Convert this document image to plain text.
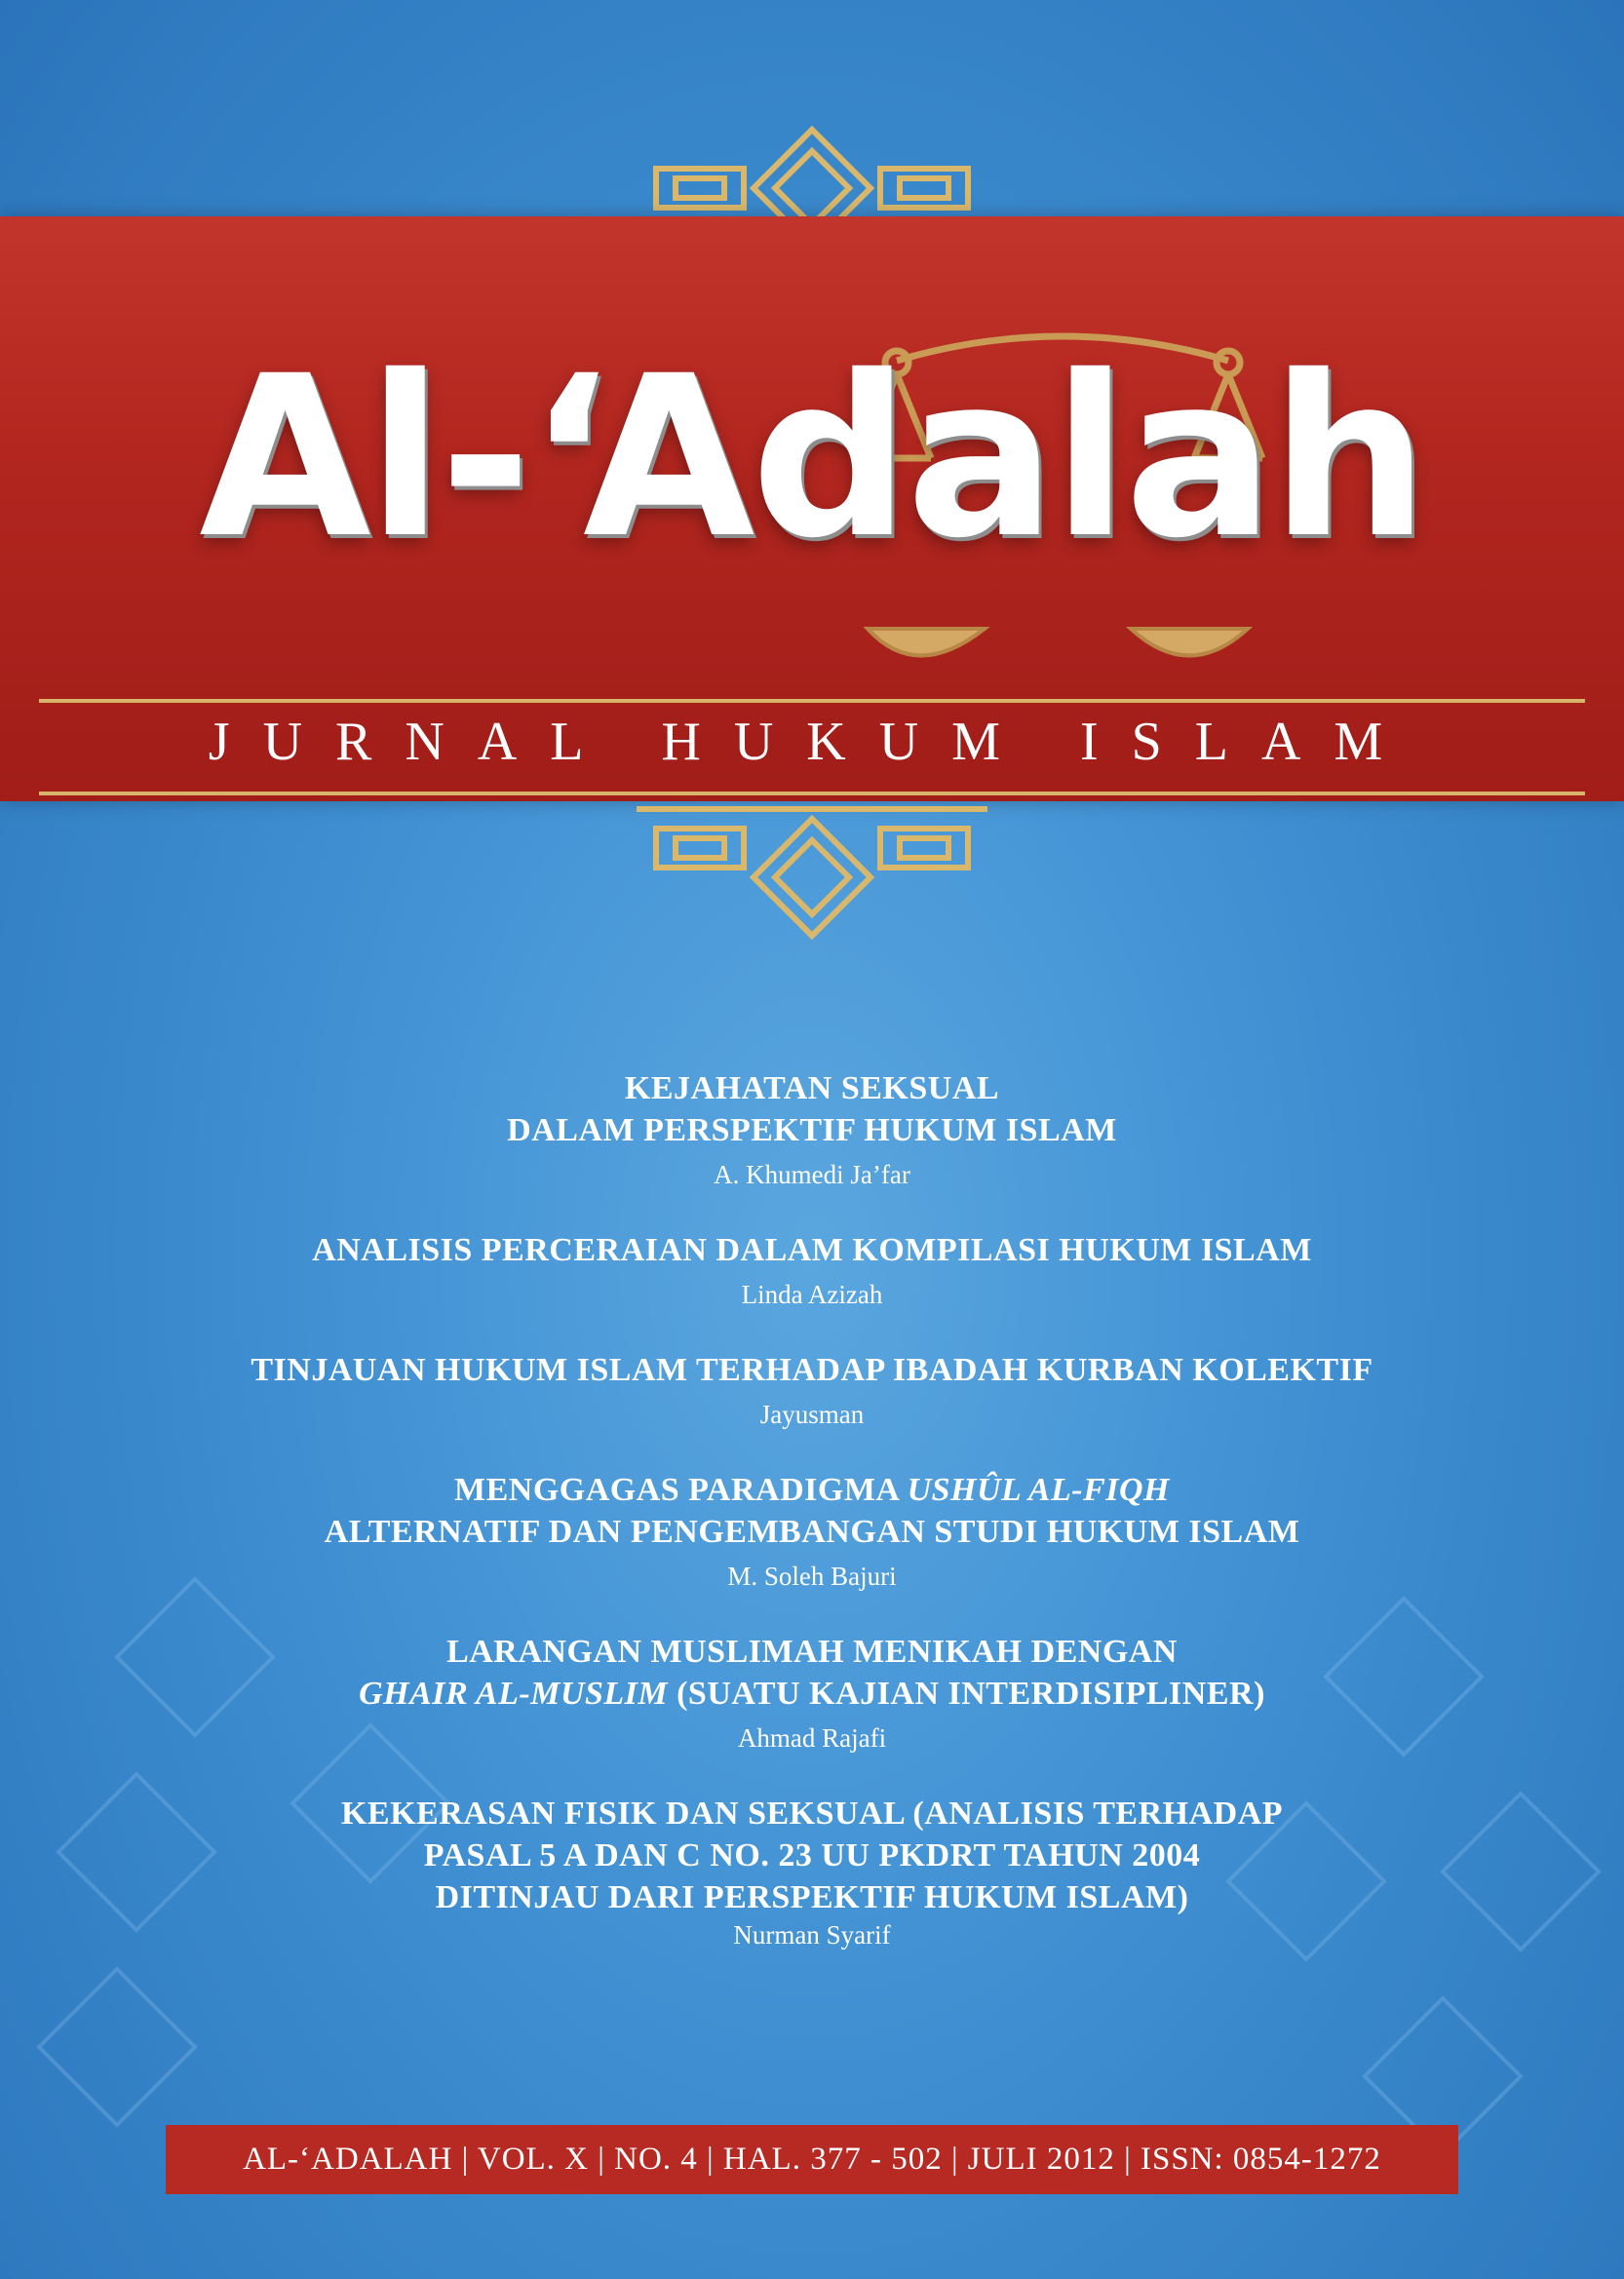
Al-‘Adalah
JURNAL HUKUM ISLAM
KEJAHATAN SEKSUAL
DALAM PERSPEKTIF HUKUM ISLAM
A. Khumedi Ja’far
ANALISIS PERCERAIAN DALAM KOMPILASI HUKUM ISLAM
Linda Azizah
TINJAUAN HUKUM ISLAM TERHADAP IBADAH KURBAN KOLEKTIF
Jayusman
MENGGAGAS PARADIGMA USHÛL AL-FIQH
ALTERNATIF DAN PENGEMBANGAN STUDI HUKUM ISLAM
M. Soleh Bajuri
LARANGAN MUSLIMAH MENIKAH DENGAN
GHAIR AL-MUSLIM (SUATU KAJIAN INTERDISIPLINER)
Ahmad Rajafi
KEKERASAN FISIK DAN SEKSUAL (ANALISIS TERHADAP
PASAL 5 A DAN C NO. 23 UU PKDRT TAHUN 2004
DITINJAU DARI PERSPEKTIF HUKUM ISLAM)
Nurman Syarif
AL-‘ADALAH | VOL. X | NO. 4 | HAL. 377 - 502 | JULI 2012 | ISSN: 0854-1272
